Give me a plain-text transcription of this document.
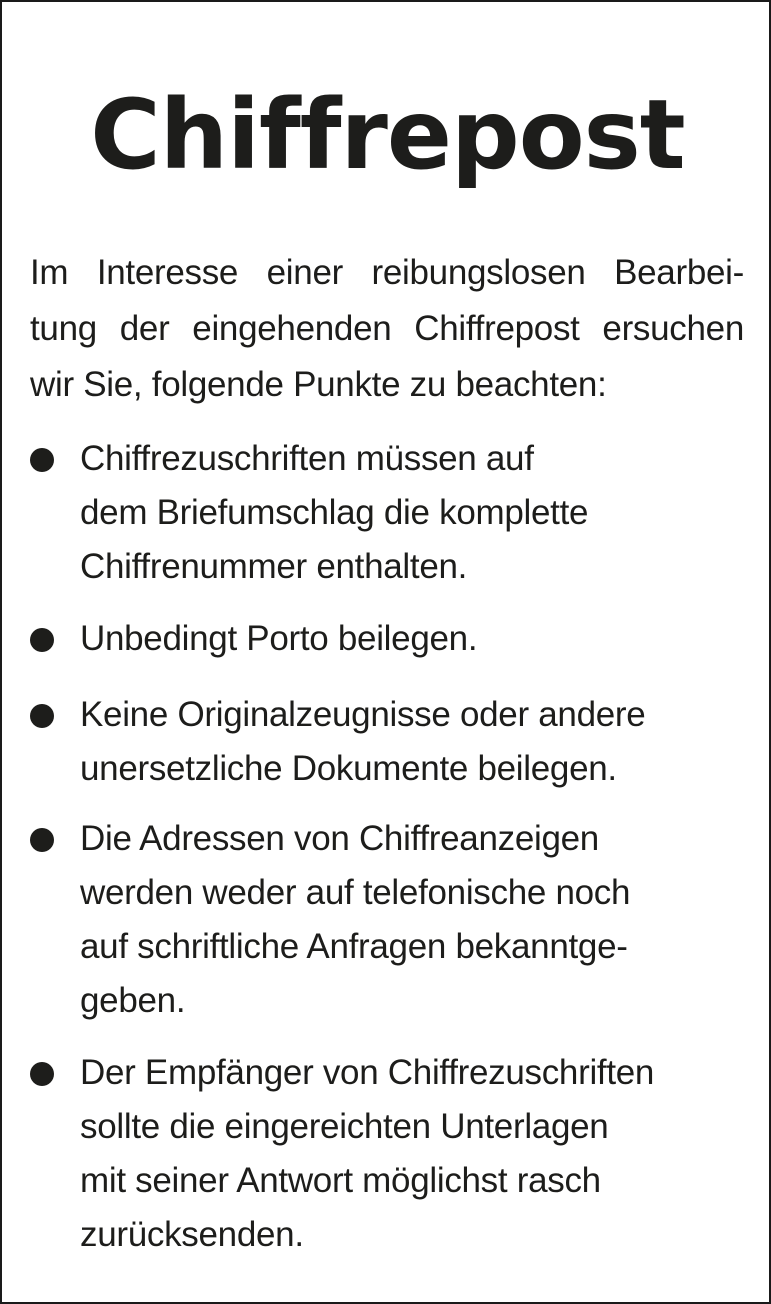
Chiffrepost
Im Interesse einer reibungslosen Bearbei-
tung der eingehenden Chiffrepost ersuchen
wir Sie, folgende Punkte zu beachten:
Chiffrezuschriften müssen auf
dem Briefumschlag die komplette
Chiffrenummer enthalten.
Unbedingt Porto beilegen.
Keine Originalzeugnisse oder andere
unersetzliche Dokumente beilegen.
Die Adressen von Chiffreanzeigen
werden weder auf telefonische noch
auf schriftliche Anfragen bekanntge-
geben.
Der Empfänger von Chiffrezuschriften
sollte die eingereichten Unterlagen
mit seiner Antwort möglichst rasch
zurücksenden.
